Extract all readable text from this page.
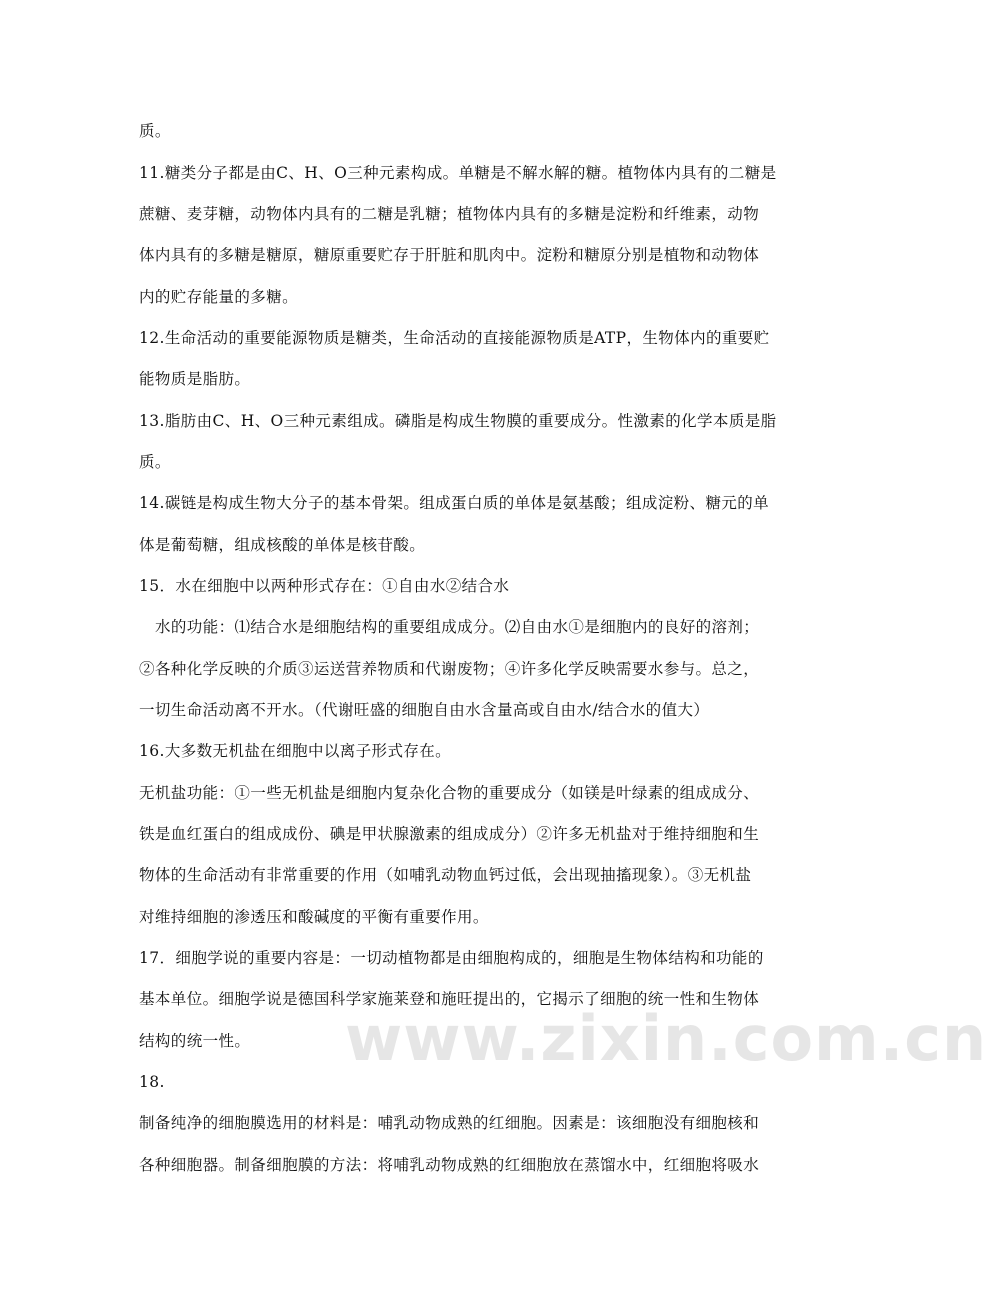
www.zixin.com.cn
质。
11.糖类分子都是由C、H、O三种元素构成。单糖是不解水解的糖。植物体内具有的二糖是
蔗糖、麦芽糖，动物体内具有的二糖是乳糖；植物体内具有的多糖是淀粉和纤维素，动物
体内具有的多糖是糖原，糖原重要贮存于肝脏和肌肉中。淀粉和糖原分别是植物和动物体
内的贮存能量的多糖。
12.生命活动的重要能源物质是糖类，生命活动的直接能源物质是ATP，生物体内的重要贮
能物质是脂肪。
13.脂肪由C、H、O三种元素组成。磷脂是构成生物膜的重要成分。性激素的化学本质是脂
质。
14.碳链是构成生物大分子的基本骨架。组成蛋白质的单体是氨基酸；组成淀粉、糖元的单
体是葡萄糖，组成核酸的单体是核苷酸。
15．水在细胞中以两种形式存在：①自由水②结合水
水的功能：⑴结合水是细胞结构的重要组成成分。⑵自由水①是细胞内的良好的溶剂；
②各种化学反映的介质③运送营养物质和代谢废物；④许多化学反映需要水参与。总之，
一切生命活动离不开水。（代谢旺盛的细胞自由水含量高或自由水/结合水的值大）
16.大多数无机盐在细胞中以离子形式存在。
无机盐功能：①一些无机盐是细胞内复杂化合物的重要成分（如镁是叶绿素的组成成分、
铁是血红蛋白的组成成份、碘是甲状腺激素的组成成分）②许多无机盐对于维持细胞和生
物体的生命活动有非常重要的作用（如哺乳动物血钙过低，会出现抽搐现象）。③无机盐
对维持细胞的渗透压和酸碱度的平衡有重要作用。
17．细胞学说的重要内容是：一切动植物都是由细胞构成的，细胞是生物体结构和功能的
基本单位。细胞学说是德国科学家施莱登和施旺提出的，它揭示了细胞的统一性和生物体
结构的统一性。
18.
制备纯净的细胞膜选用的材料是：哺乳动物成熟的红细胞。因素是：该细胞没有细胞核和
各种细胞器。制备细胞膜的方法：将哺乳动物成熟的红细胞放在蒸馏水中，红细胞将吸水
